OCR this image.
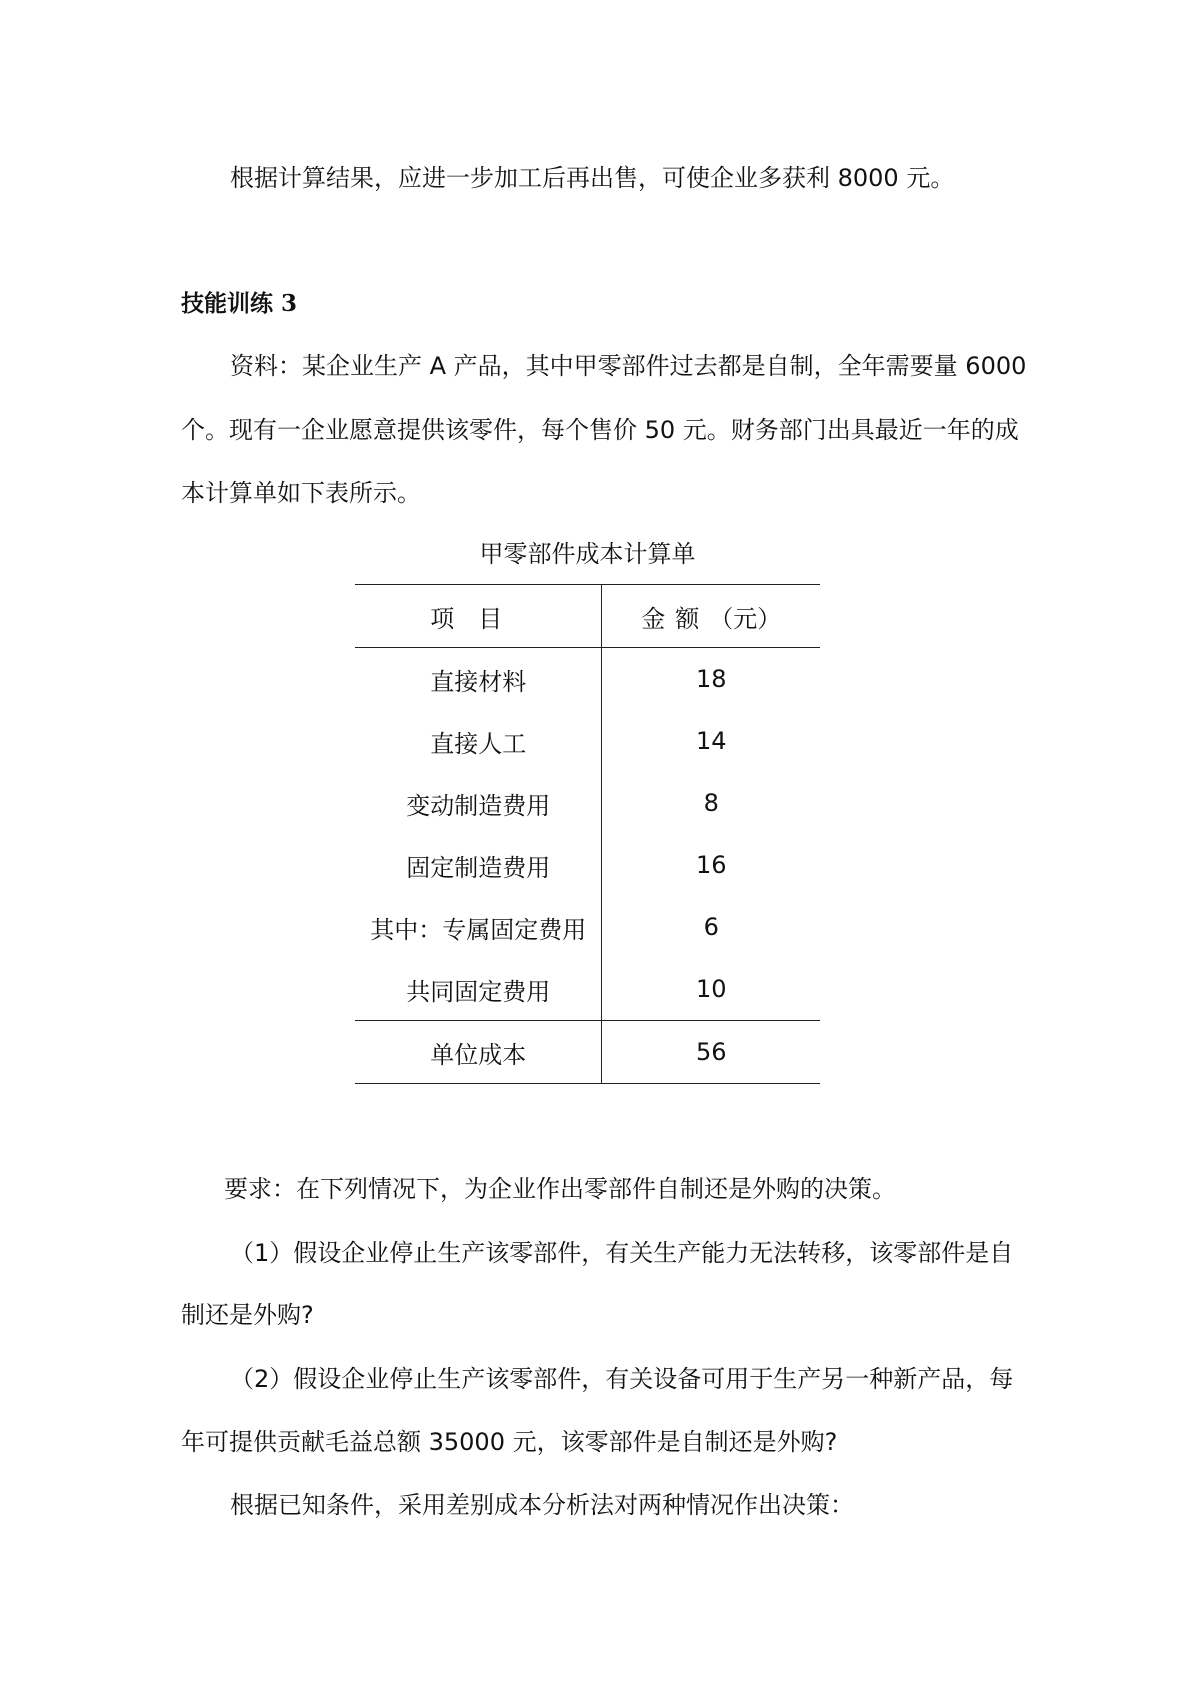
根据计算结果，应进一步加工后再出售，可使企业多获利 8000 元。
技能训练 3
资料：某企业生产 A 产品，其中甲零部件过去都是自制，全年需要量 6000
个。现有一企业愿意提供该零件，每个售价 50 元。财务部门出具最近一年的成
本计算单如下表所示。
甲零部件成本计算单
项目	金额（元）
直接材料	18
直接人工	14
变动制造费用	8
固定制造费用	16
其中：专属固定费用	6
共同固定费用	10
单位成本	56
要求：在下列情况下，为企业作出零部件自制还是外购的决策。
（1）假设企业停止生产该零部件，有关生产能力无法转移，该零部件是自
制还是外购?
（2）假设企业停止生产该零部件，有关设备可用于生产另一种新产品，每
年可提供贡献毛益总额 35000 元，该零部件是自制还是外购?
根据已知条件，采用差别成本分析法对两种情况作出决策：
